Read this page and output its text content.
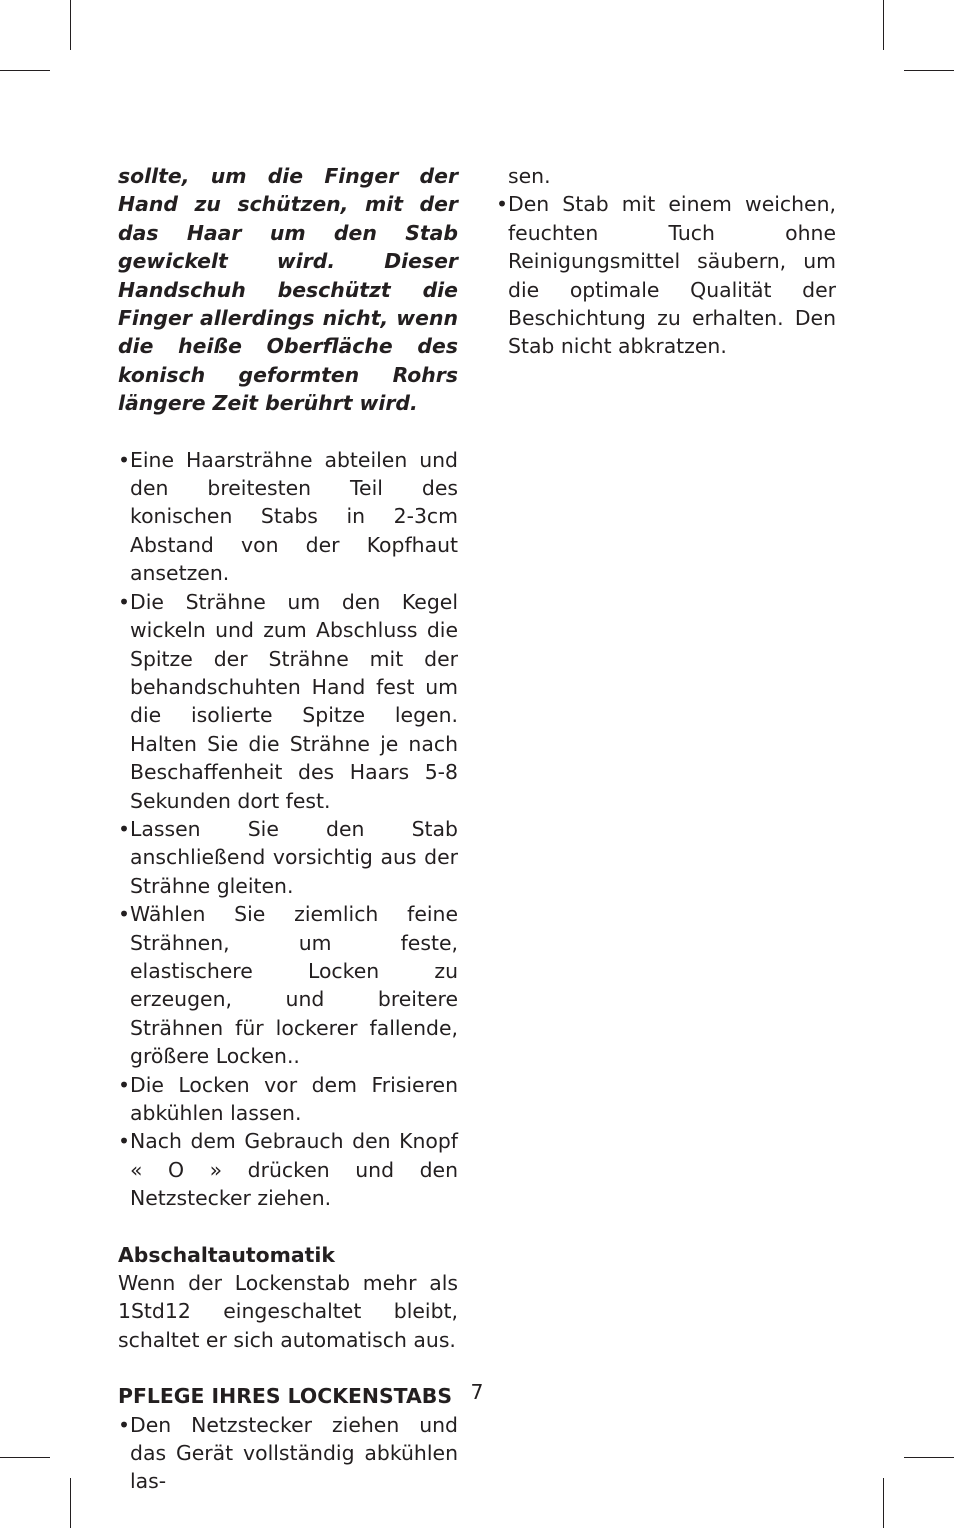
sollte, um die Finger der Hand zu schützen, mit der das Haar um den Stab gewickelt wird. Dieser Handschuh beschützt die Finger allerdings nicht, wenn die heiße Oberfläche des konisch geformten Rohrs längere Zeit berührt wird.

• Eine Haarsträhne abteilen und den breitesten Teil des konischen Stabs in 2-3cm Abstand von der Kopfhaut ansetzen.
• Die Strähne um den Kegel wickeln und zum Abschluss die Spitze der Strähne mit der behandschuhten Hand fest um die isolierte Spitze legen. Halten Sie die Strähne je nach Beschaffenheit des Haars 5-8 Sekunden dort fest.
• Lassen Sie den Stab anschließend vorsichtig aus der Strähne gleiten.
• Wählen Sie ziemlich feine Strähnen, um feste, elastischere Locken zu erzeugen, und breitere Strähnen für lockerer fallende, größere Locken..
• Die Locken vor dem Frisieren abkühlen lassen.
• Nach dem Gebrauch den Knopf « O » drücken und den Netzstecker ziehen.
Abschaltautomatik

Wenn der Lockenstab mehr als 1Std12 eingeschaltet bleibt, schaltet er sich automatisch aus.

PFLEGE IHRES LOCKENSTABS
• Den Netzstecker ziehen und das Gerät vollständig abkühlen las-
sen.
• Den Stab mit einem weichen, feuchten Tuch ohne Reinigungsmittel säubern, um die optimale Qualität der Beschichtung zu erhalten. Den Stab nicht abkratzen.
7
